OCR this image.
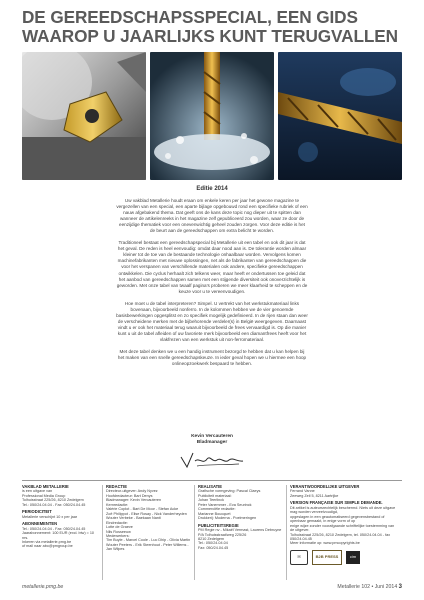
DE GEREEDSCHAPSSPECIAL, EEN GIDS
WAAROP U JAARLIJKS KUNT TERUGVALLEN
Editie 2014

Uw vakblad Metallerie houdt eraan om enkele keren per jaar het gewone magazine te vergezellen van een special, een aparte bijlage opgebouwd rond een specifieke rubriek of een nauw afgebakend thema. Dat geeft ons de kans deze topic nog dieper uit te spitten dan wanneer de artikelenreeks in het magazine zelf gepubliceerd zou worden, waar ze door de eenzijdige thematiek voor een onevenwichtig geheel zouden zorgen. Voor deze editie is het de beurt aan de gereedschappen om extra belicht te worden.

Traditioneel bestaat een gereedschapspecial bij Metallerie uit een tabel en ook dit jaar is dat het geval. De reden is heel eenvoudig: omdat daar nood aan is. De tolerantie worden almaar kleiner tot de toe van de bestaande technologie onhaalbaar worden. Vervolgens komen machinefabrikanten met nieuwe oplossingen, net als de fabrikanten van gereedschappen die voor het verspanen van verschillende materialen ook andere, specifieke gereedschappen ontwikkelen. Die cyclus herhaalt zich telkens weer, maar heeft er ondertussen toe geleid dat het aanbod van gereedschappen samen met een stijgende diversiteit ook onoverzichtelijk is geworden. Met onze tabel van twaalf pagina's proberen we meer klaarheid te scheppen en de keuze voor u te vereenvoudigen.

Hoe moet u de tabel interpreteren? Simpel. U vertrekt van het werkstukmateriaal links bovenaan, bijvoorbeeld nonferro. In de kolommen hebben we de vier genoemde basisbewerkingen opgesplitst en zo specifiek mogelijk gedefinieerd. In de rijen staan dan weer de verscheidene merken met de bijbehorende verdeler(s) in België weergegeven. Daarnaast vindt u er ook het materiaal terug waaruit bijvoorbeeld de frees vervaardigd is. Op die manier kunt u uit de tabel afleiden of uw favoriete merk bijvoorbeeld een diamantfrees heeft voor het vlakfrezen van een werkstuk uit non-ferromateriaal.

Met deze tabel denken we u een handig instrument bezorgd te hebben dat u kan helpen bij het maken van een snelle gereedschapskeuze. In ieder geval hopen we u hiermee een hoop onlineopzoekwerk bespaard te hebben.

Kevin Vercauteren
Bladmanager
VAKBLAD METALLERIE
is een uitgave van
Professional Media Group
Tolhuisstraat 225/26, 8210 Zedelgem
Tel.: 050/24.04.04 - Fax: 050/24.04.45
PERIODICITEIT
Metallerie verschijnt 10 x per jaar
ABONNEMENTEN
Tel.: 050/24.04.04 - Fax: 050/24.04.45
Jaarabonnement: 100 EUR (excl. btw) = 10 nrs.
Inkeren via metallerie.pmg.be
of mail naar abo@pmgroup.be
REDACTIE
Directeur-uitgever: Andy Nyvez
Hoofdredacteur: Bart Denys
Bladmanager: Kevin Vercauteren
Kernredactie:
Valérie Coplot - Bart De Moor - Stefan Acke
Zoë Philippot - Elise Rosay - Nick Vanderheyden
Wouter Verbeke - Baekaan Nanti
Eindredactie:
Lotte de Graeve
Nils Rosseeuw
Medewerkers:
Tim Buyle - Marcel Coole - Luc Dhip - Olivia Martin
Wouter Peeters - Erik Steenhout - Peter Willems - Jan Wilpes
REALISATIE
Grafische vormgeving: Pascal Claeys
Publiciteit materiaal:
Johan Teerlinck
Peter Vanemmer - Eva Seurinck
Commerciële redactie:
Marianne Boucquet
Drukkerij: Moderna - Poelmeringen
PUBLICITEITSREGIE
PM Regie nv - Mikaël Vermast, Laurens Debruyne
P/A Tolhuisstraat/weg 225/26
8210 Zedelgem
Tel.: 050/24.04.04
Fax: 050/24.04.45
VERANTWOORDELIJKE UITGEVER
Ferrand Vanne
Zeeweg Zeil 5, 8211 Aartrijke
VERSION FRANÇAISE SUR SIMPLE DEMANDE.
Dit artikel is auteursrechtelijk beschermd. Niets uit deze uitgave mag worden verveelvoudigd,
opgeslagen in een geautomatiseerd gegevensbestand of openbaar gemaakt, in enige vorm of op
enige wijze zonder voorafgaande schriftelijke toestemming van de uitgever.
Tolhuisstraat 225/26, 8210 Zedelgem, tel. 050/24.04.04 - fax 050/24.04.45
Meer informatie op: www.pmcopyrights.be
✉	B2B PRESS	cim
metallerie.pmg.be	Metallerie 102 • Juni 2014 3
